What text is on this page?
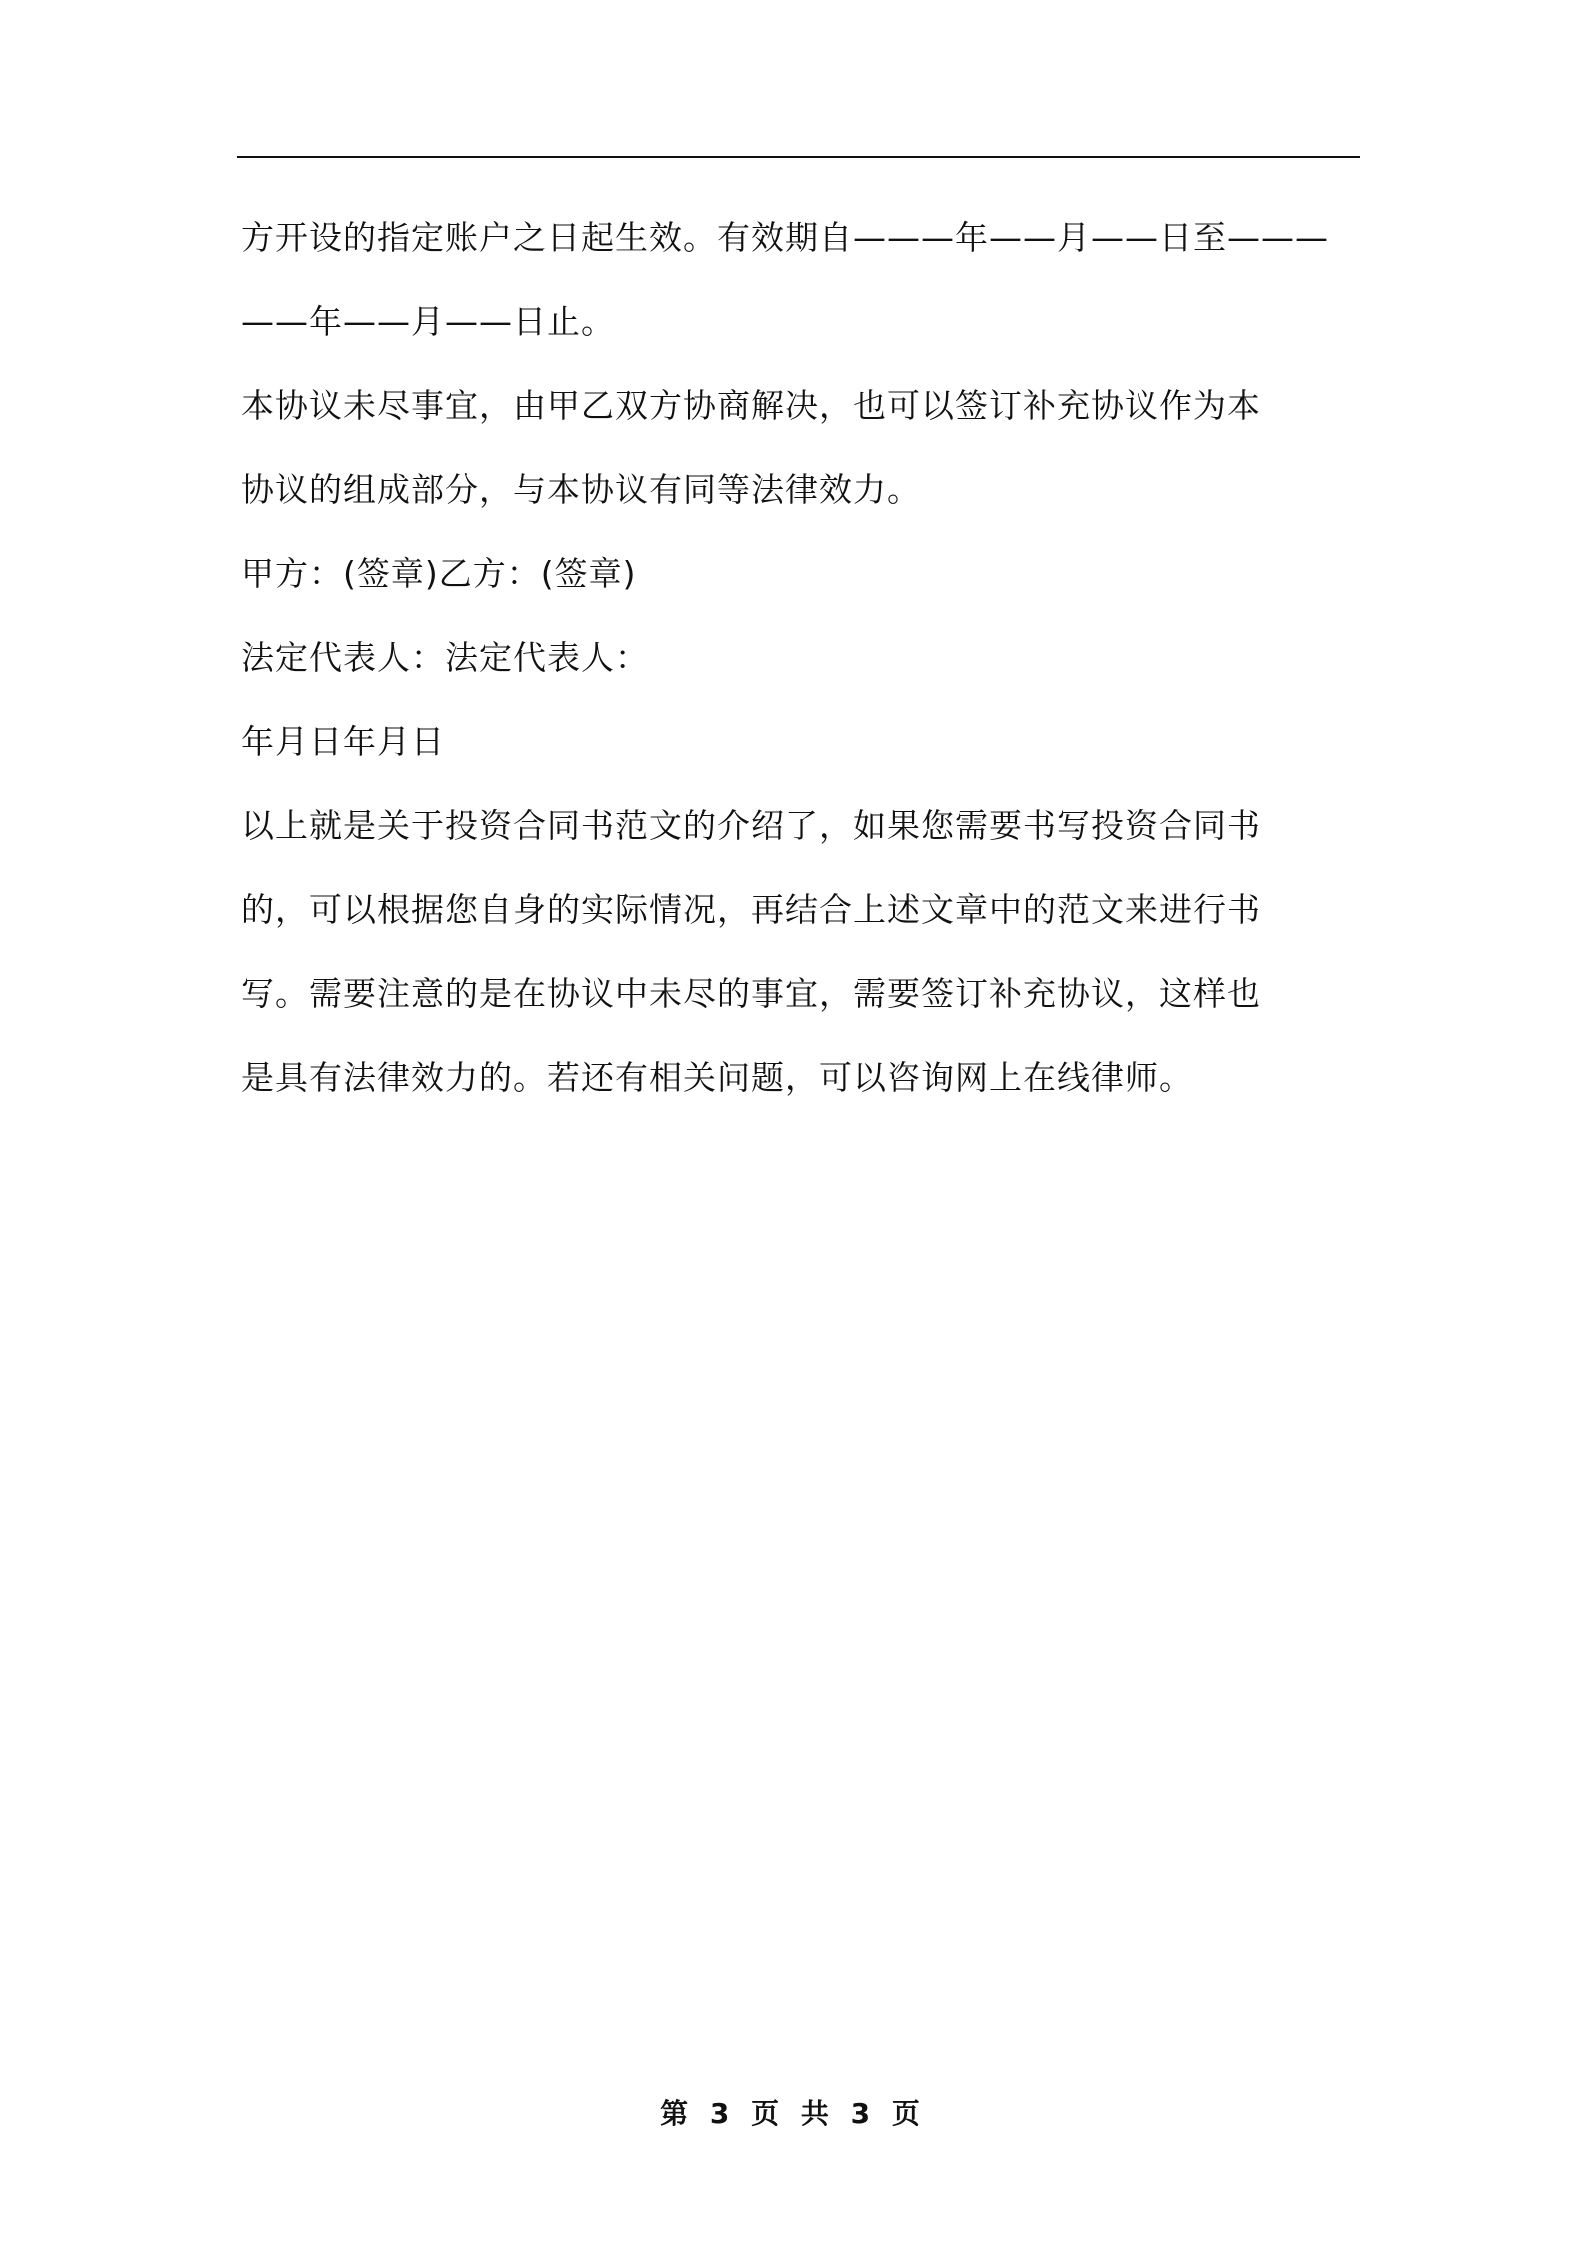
方开设的指定账户之日起生效。有效期自———年——月——日至———
——年——月——日止。
本协议未尽事宜，由甲乙双方协商解决，也可以签订补充协议作为本
协议的组成部分，与本协议有同等法律效力。
甲方：(签章)乙方：(签章)
法定代表人：法定代表人：
年月日年月日
以上就是关于投资合同书范文的介绍了，如果您需要书写投资合同书
的，可以根据您自身的实际情况，再结合上述文章中的范文来进行书
写。需要注意的是在协议中未尽的事宜，需要签订补充协议，这样也
是具有法律效力的。若还有相关问题，可以咨询网上在线律师。
第 3 页 共 3 页
